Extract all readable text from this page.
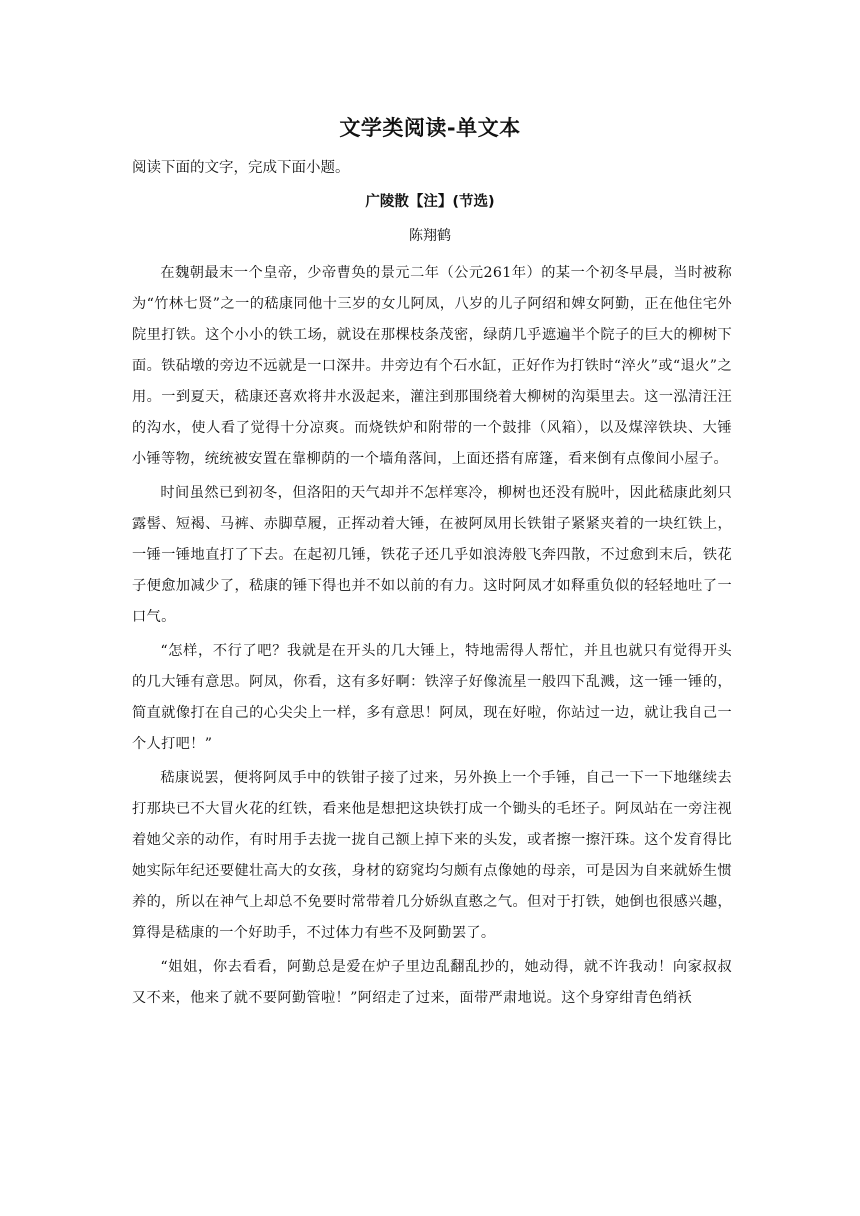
文学类阅读-单文本
阅读下面的文字，完成下面小题。
广陵散【注】(节选)
陈翔鹤

在魏朝最末一个皇帝，少帝曹奂的景元二年（公元261年）的某一个初冬早晨，当时被称为“竹林七贤”之一的嵇康同他十三岁的女儿阿凤，八岁的儿子阿绍和婢女阿勤，正在他住宅外院里打铁。这个小小的铁工场，就设在那棵枝条茂密，绿荫几乎遮遍半个院子的巨大的柳树下面。铁砧墩的旁边不远就是一口深井。井旁边有个石水缸，正好作为打铁时“淬火”或“退火”之用。一到夏天，嵇康还喜欢将井水汲起来，灌注到那围绕着大柳树的沟渠里去。这一泓清汪汪的沟水，使人看了觉得十分凉爽。而烧铁炉和附带的一个鼓排（风箱），以及煤滓铁块、大锤小锤等物，统统被安置在靠柳荫的一个墙角落间，上面还搭有席篷，看来倒有点像间小屋子。

时间虽然已到初冬，但洛阳的天气却并不怎样寒冷，柳树也还没有脱叶，因此嵇康此刻只露髻、短褐、马裤、赤脚草履，正挥动着大锤，在被阿凤用长铁钳子紧紧夹着的一块红铁上，一锤一锤地直打了下去。在起初几锤，铁花子还几乎如浪涛般飞奔四散，不过愈到末后，铁花子便愈加减少了，嵇康的锤下得也并不如以前的有力。这时阿凤才如释重负似的轻轻地吐了一口气。

“怎样，不行了吧？我就是在开头的几大锤上，特地需得人帮忙，并且也就只有觉得开头的几大锤有意思。阿凤，你看，这有多好啊：铁滓子好像流星一般四下乱溅，这一锤一锤的，简直就像打在自己的心尖尖上一样，多有意思！阿凤，现在好啦，你站过一边，就让我自己一个人打吧！”

嵇康说罢，便将阿凤手中的铁钳子接了过来，另外换上一个手锤，自己一下一下地继续去打那块已不大冒火花的红铁，看来他是想把这块铁打成一个锄头的毛坯子。阿凤站在一旁注视着她父亲的动作，有时用手去拢一拢自己额上掉下来的头发，或者擦一擦汗珠。这个发育得比她实际年纪还要健壮高大的女孩，身材的窈窕均匀颇有点像她的母亲，可是因为自来就娇生惯养的，所以在神气上却总不免要时常带着几分娇纵直憨之气。但对于打铁，她倒也很感兴趣，算得是嵇康的一个好助手，不过体力有些不及阿勤罢了。

“姐姐，你去看看，阿勤总是爱在炉子里边乱翻乱抄的，她动得，就不许我动！向家叔叔又不来，他来了就不要阿勤管啦！”阿绍走了过来，面带严肃地说。这个身穿绀青色绡袄
